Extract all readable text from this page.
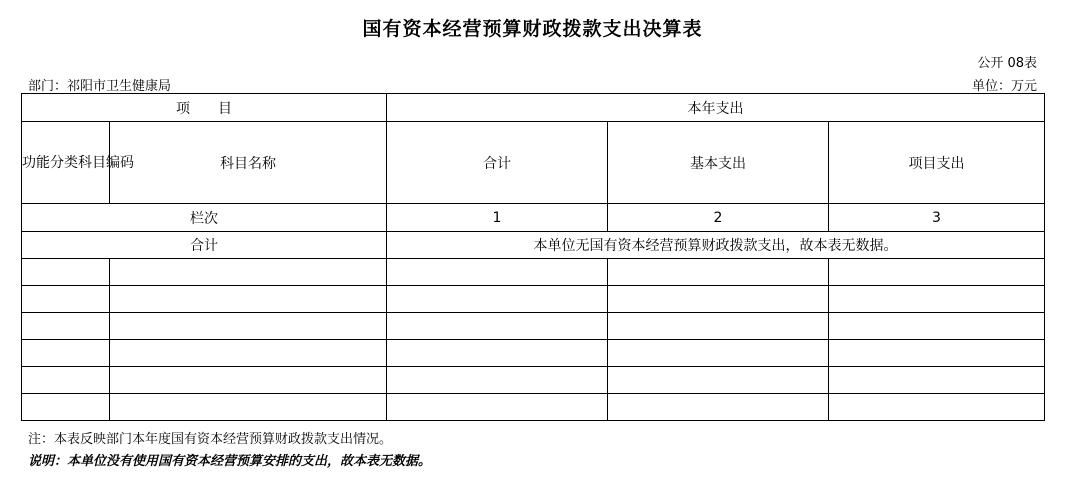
国有资本经营预算财政拨款支出决算表
公开 08表
部门：祁阳市卫生健康局	单位：万元
项　　目		本年支出		
功能分类科目编码	科目名称	合计	基本支出	项目支出
栏次		1	2	3
合计		本单位无国有资本经营预算财政拨款支出，故本表无数据。		

注：本表反映部门本年度国有资本经营预算财政拨款支出情况。
说明：本单位没有使用国有资本经营预算安排的支出，故本表无数据。
